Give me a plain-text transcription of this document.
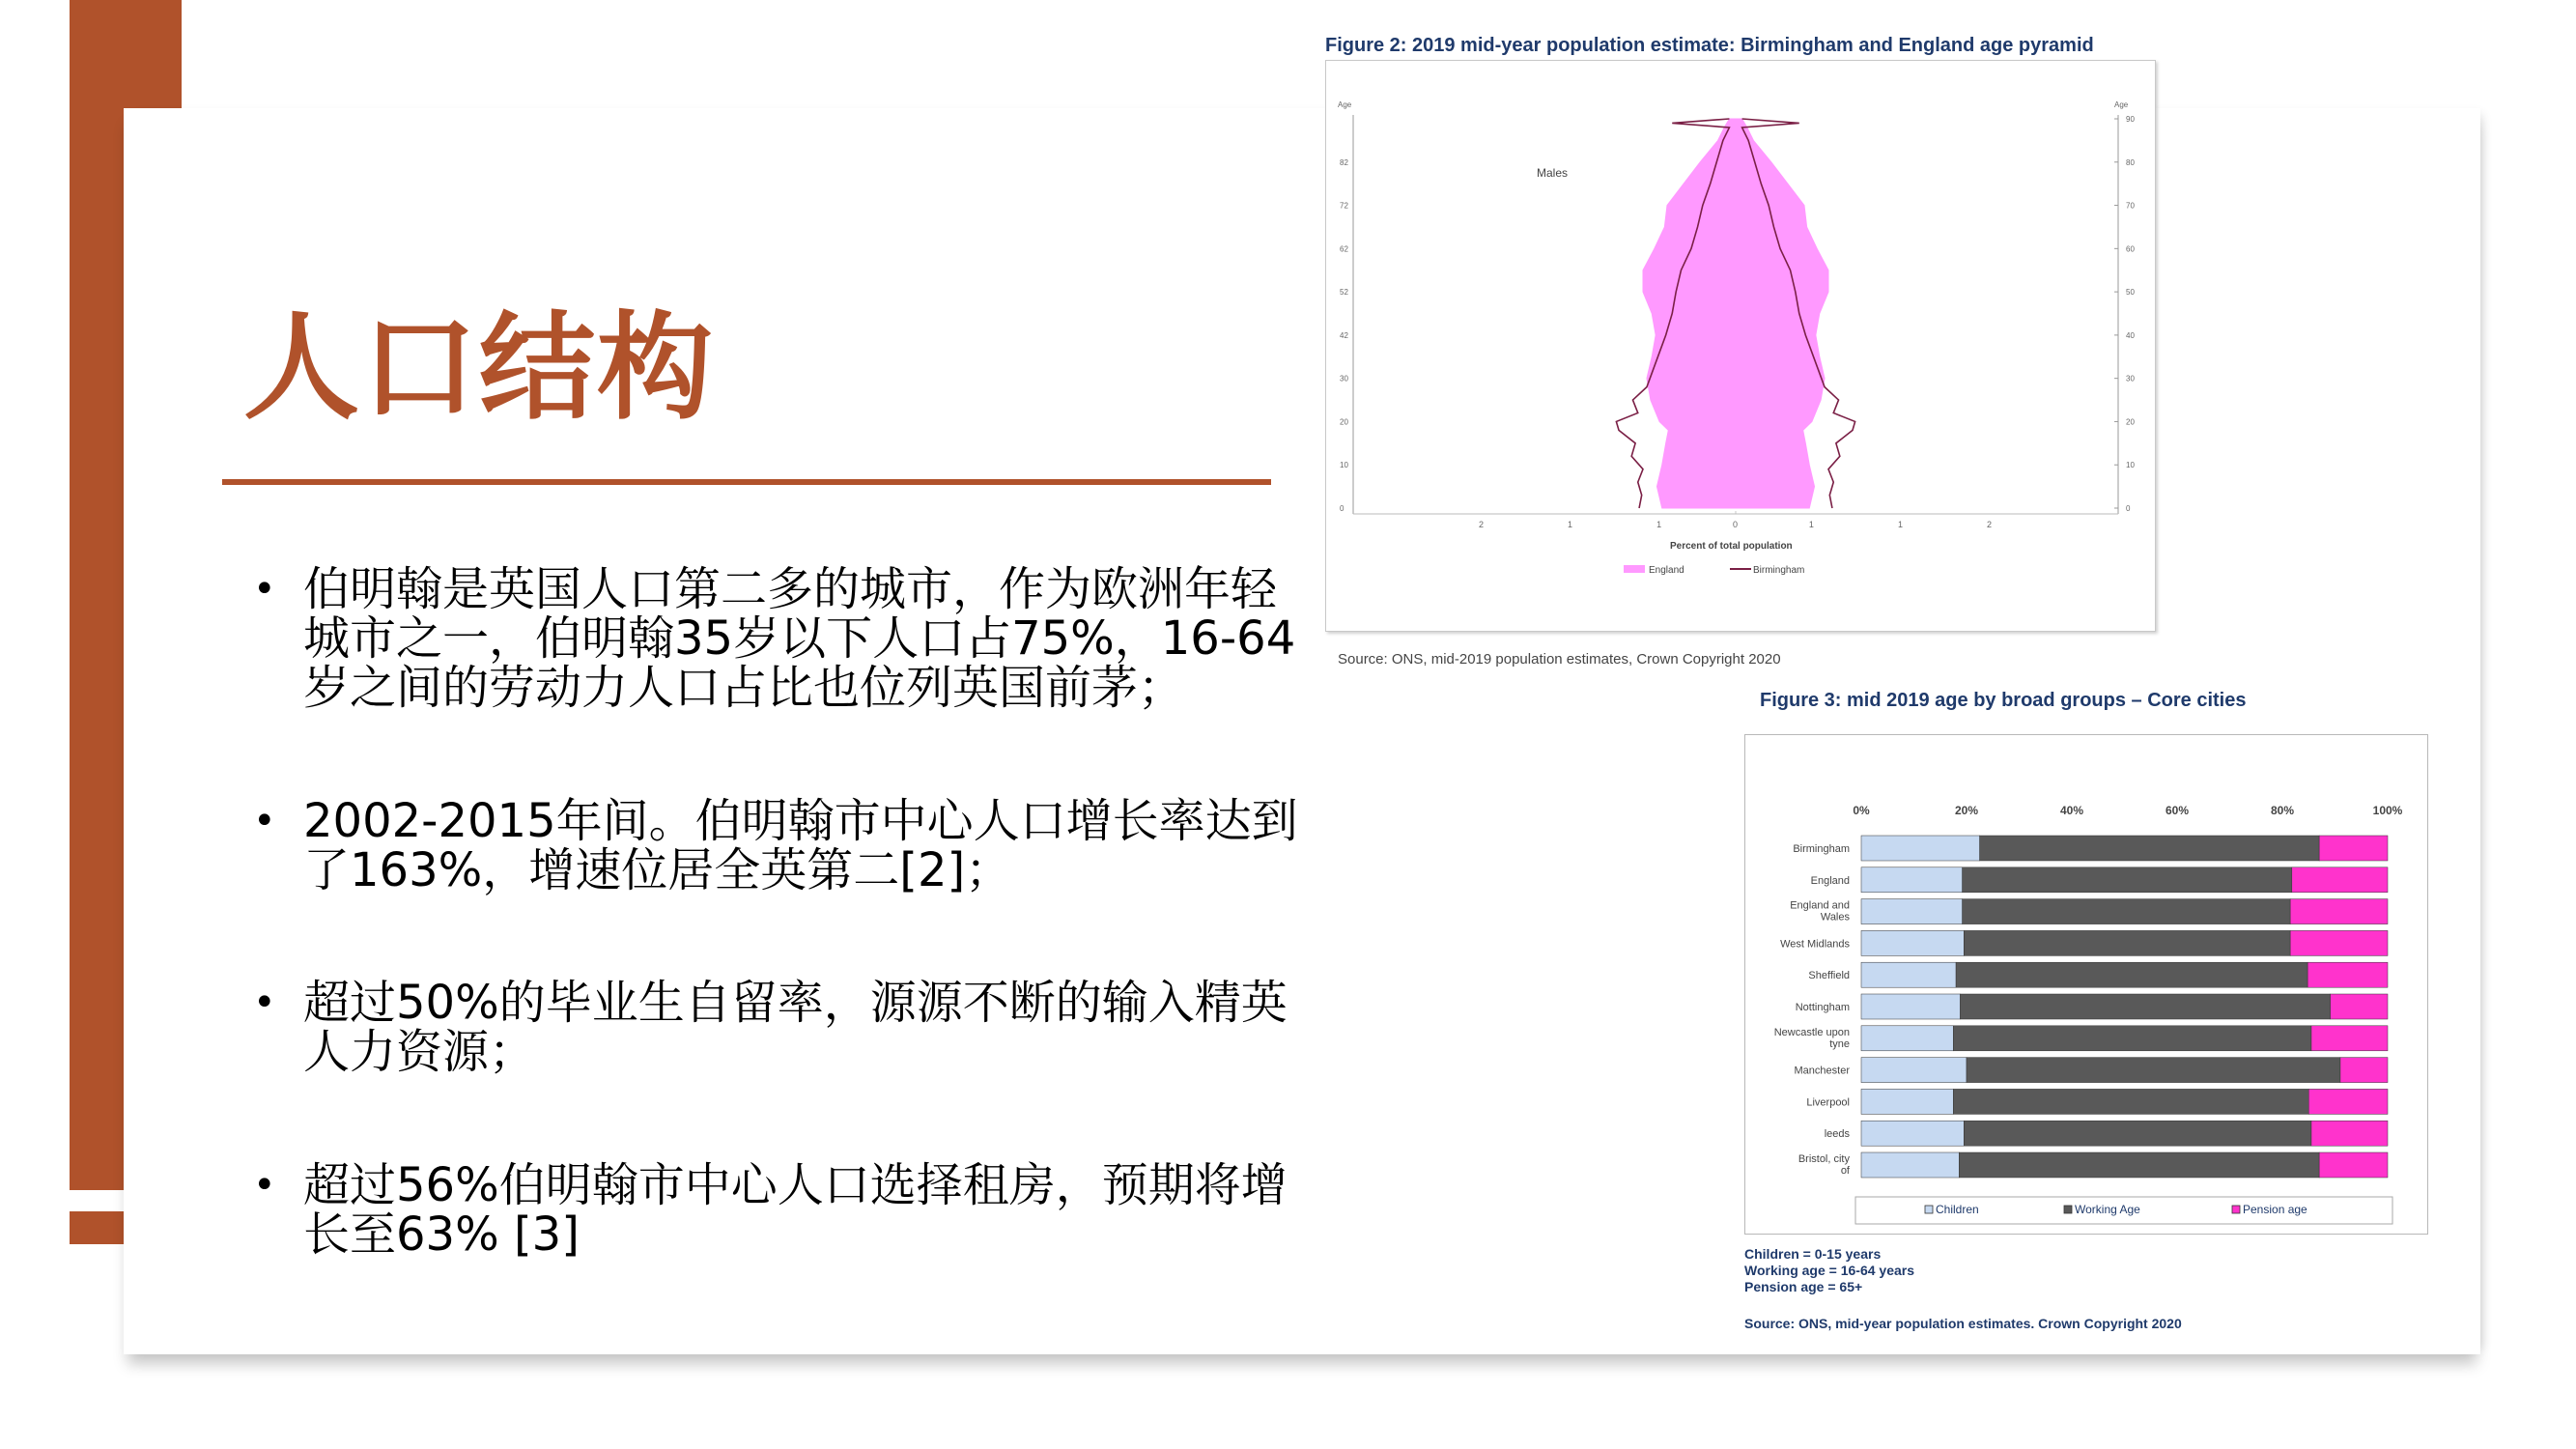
人口结构
• 伯明翰是英国人口第二多的城市，作为欧洲年轻城市之一，伯明翰35岁以下人口占75%，16-64岁之间的劳动力人口占比也位列英国前茅；
• 2002-2015年间。伯明翰市中心人口增长率达到了163%，增速位居全英第二[2]；
• 超过50%的毕业生自留率，源源不断的输入精英人力资源；
• 超过56%伯明翰市中心人口选择租房，预期将增长至63% [3]
Figure 2: 2019 mid-year population estimate: Birmingham and England age pyramid
0
10
20
30
42
52
62
72
82
0
10
20
30
40
50
60
70
80
90
2	1	1	0	1	1	2
Age	Age
Males
Percent of total population
England	Birmingham
Source: ONS, mid-2019 population estimates, Crown Copyright 2020
Figure 3: mid 2019 age by broad groups – Core cities
0%	20%	40%	60%	80%	100%
Birmingham
England
England and
Wales
West Midlands
Sheffield
Nottingham
Newcastle upon
tyne
Manchester
Liverpool
leeds
Bristol, city
of
Children	Working Age	Pension age
Children = 0-15 years
Working age = 16-64 years
Pension age = 65+
Source: ONS, mid-year population estimates. Crown Copyright 2020
